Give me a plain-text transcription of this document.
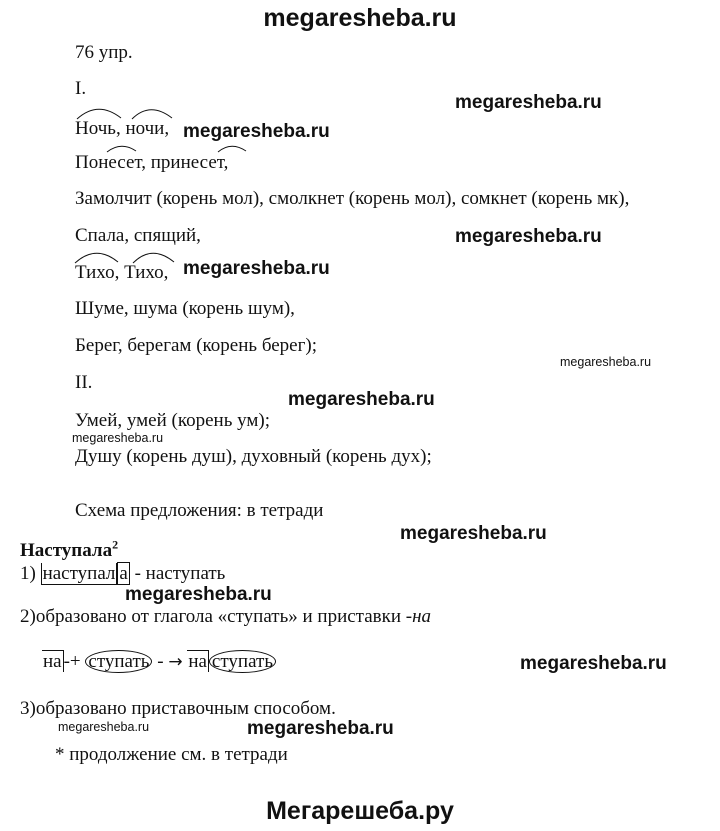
megaresheba.ru
76 упр.
I.
Ночь, ночи,
Понесет, принесет,
Замолчит (корень мол), смолкнет (корень мол), сомкнет (корень мк),
Спала, спящий,
Тихо, Тихо,
Шуме, шума (корень шум),
Берег, берегам (корень берег);
II.
Умей, умей (корень ум);
Душу (корень душ), духовный (корень дух);
Схема предложения: в тетради
Наступала$^2$
1) наступал а - наступать
2)образовано от глагола «ступать» и приставки -на
на -+ ступать - → на ступать
3)образовано приставочным способом.
* продолжение см. в тетради
megaresheba.ru
megaresheba.ru
megaresheba.ru
megaresheba.ru
megaresheba.ru
megaresheba.ru
megaresheba.ru
megaresheba.ru
megaresheba.ru
megaresheba.ru
megaresheba.ru	megaresheba.ru
Мегарешеба.ру
